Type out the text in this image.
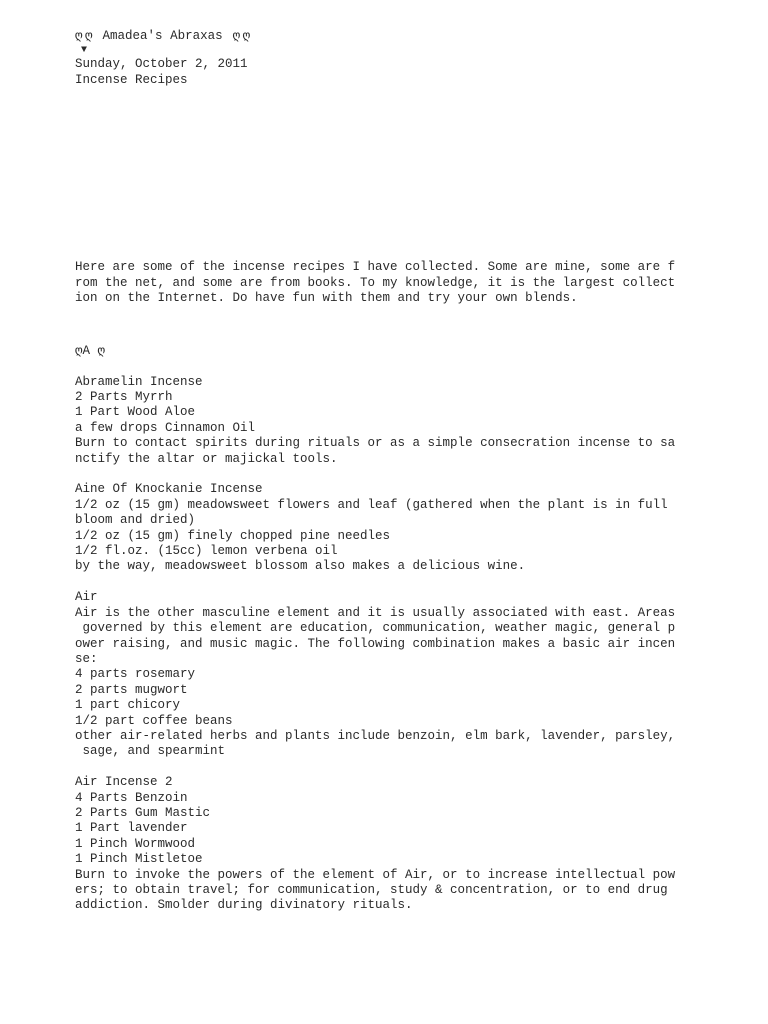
ღ ღ  Amadea's Abraxas  ღ ღ
▼
Sunday, October 2, 2011
Incense Recipes
Here are some of the incense recipes I have collected. Some are mine, some are f
rom the net, and some are from books. To my knowledge, it is the largest collect
ion on the Internet. Do have fun with them and try your own blends.
ღA ღ
Abramelin Incense
2 Parts Myrrh
1 Part Wood Aloe
a few drops Cinnamon Oil
Burn to contact spirits during rituals or as a simple consecration incense to sa
nctify the altar or majickal tools.
Aine Of Knockanie Incense
1/2 oz (15 gm) meadowsweet flowers and leaf (gathered when the plant is in full
bloom and dried)
1/2 oz (15 gm) finely chopped pine needles
1/2 fl.oz. (15cc) lemon verbena oil
by the way, meadowsweet blossom also makes a delicious wine.
Air
Air is the other masculine element and it is usually associated with east. Areas
governed by this element are education, communication, weather magic, general p
ower raising, and music magic. The following combination makes a basic air incen
se:
4 parts rosemary
2 parts mugwort
1 part chicory
1/2 part coffee beans
other air-related herbs and plants include benzoin, elm bark, lavender, parsley,
sage, and spearmint
Air Incense 2
4 Parts Benzoin
2 Parts Gum Mastic
1 Part lavender
1 Pinch Wormwood
1 Pinch Mistletoe
Burn to invoke the powers of the element of Air, or to increase intellectual pow
ers; to obtain travel; for communication, study & concentration, or to end drug
addiction. Smolder during divinatory rituals.
